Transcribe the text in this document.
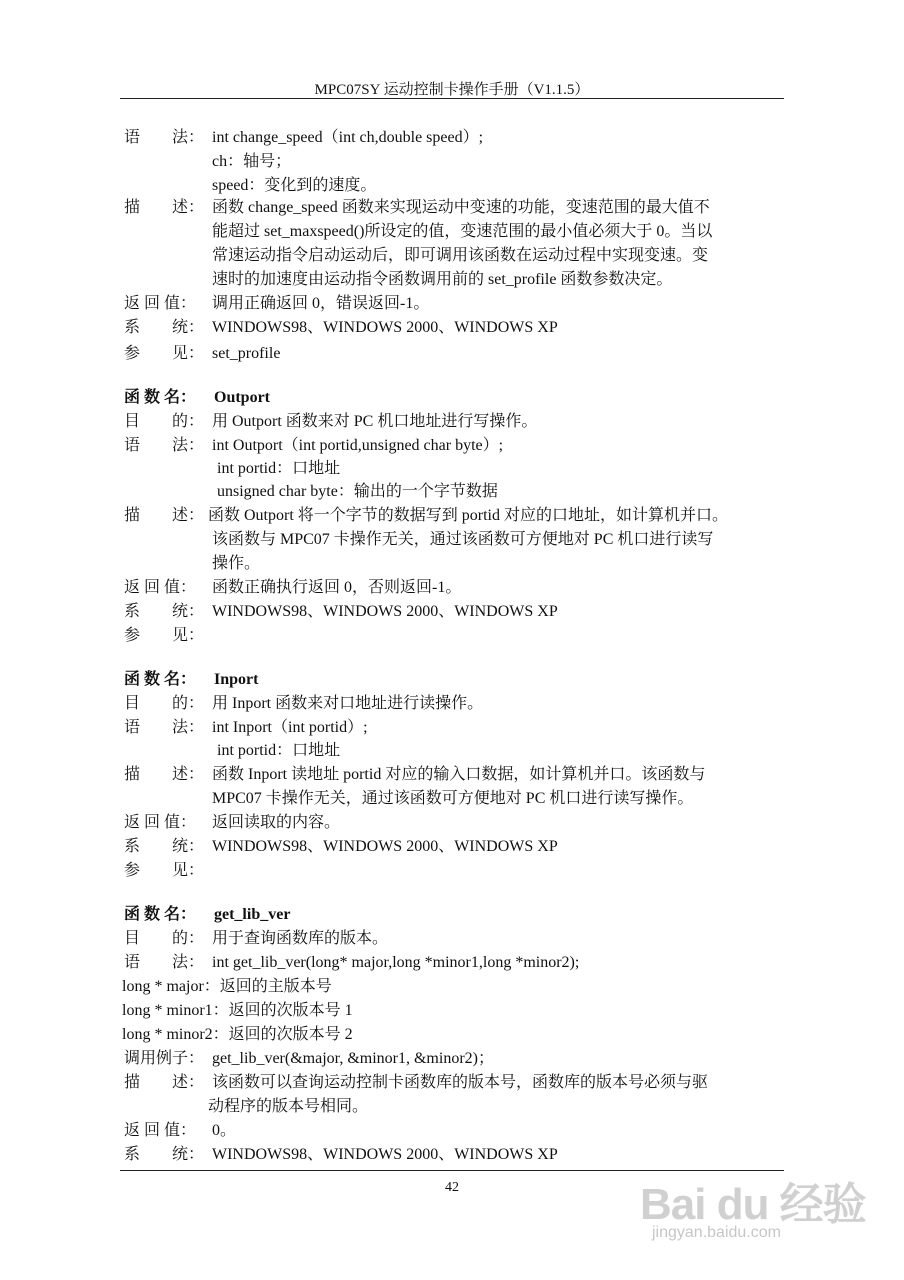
MPC07SY 运动控制卡操作手册（V1.1.5）
语　　法： int change_speed（int ch,double speed）;
ch：轴号；
speed：变化到的速度。
描　　述： 函数 change_speed 函数来实现运动中变速的功能，变速范围的最大值不
能超过 set_maxspeed()所设定的值，变速范围的最小值必须大于 0。当以
常速运动指令启动运动后，即可调用该函数在运动过程中实现变速。变
速时的加速度由运动指令函数调用前的 set_profile 函数参数决定。
返 回 值： 调用正确返回 0，错误返回-1。
系　　统： WINDOWS98、WINDOWS 2000、WINDOWS XP
参　　见： set_profile
函 数 名： Outport
目　　的： 用 Outport 函数来对 PC 机口地址进行写操作。
语　　法： int Outport（int portid,unsigned char byte）;
int portid：口地址
unsigned char byte：输出的一个字节数据
描　　述： 函数 Outport 将一个字节的数据写到 portid 对应的口地址，如计算机并口。
该函数与 MPC07 卡操作无关，通过该函数可方便地对 PC 机口进行读写
操作。
返 回 值： 函数正确执行返回 0，否则返回-1。
系　　统： WINDOWS98、WINDOWS 2000、WINDOWS XP
参　　见：
函 数 名： Inport
目　　的： 用 Inport 函数来对口地址进行读操作。
语　　法： int Inport（int portid）;
int portid：口地址
描　　述： 函数 Inport 读地址 portid 对应的输入口数据，如计算机并口。该函数与
MPC07 卡操作无关，通过该函数可方便地对 PC 机口进行读写操作。
返 回 值： 返回读取的内容。
系　　统： WINDOWS98、WINDOWS 2000、WINDOWS XP
参　　见：
函 数 名： get_lib_ver
目　　的： 用于查询函数库的版本。
语　　法： int get_lib_ver(long* major,long *minor1,long *minor2);
long * major：返回的主版本号
long * minor1：返回的次版本号 1
long * minor2：返回的次版本号 2
调用例子： get_lib_ver(&major, &minor1, &minor2)；
描　　述： 该函数可以查询运动控制卡函数库的版本号，函数库的版本号必须与驱
动程序的版本号相同。
返 回 值： 0。
系　　统： WINDOWS98、WINDOWS 2000、WINDOWS XP
42	Bai du 经验
jingyan.baidu.com
